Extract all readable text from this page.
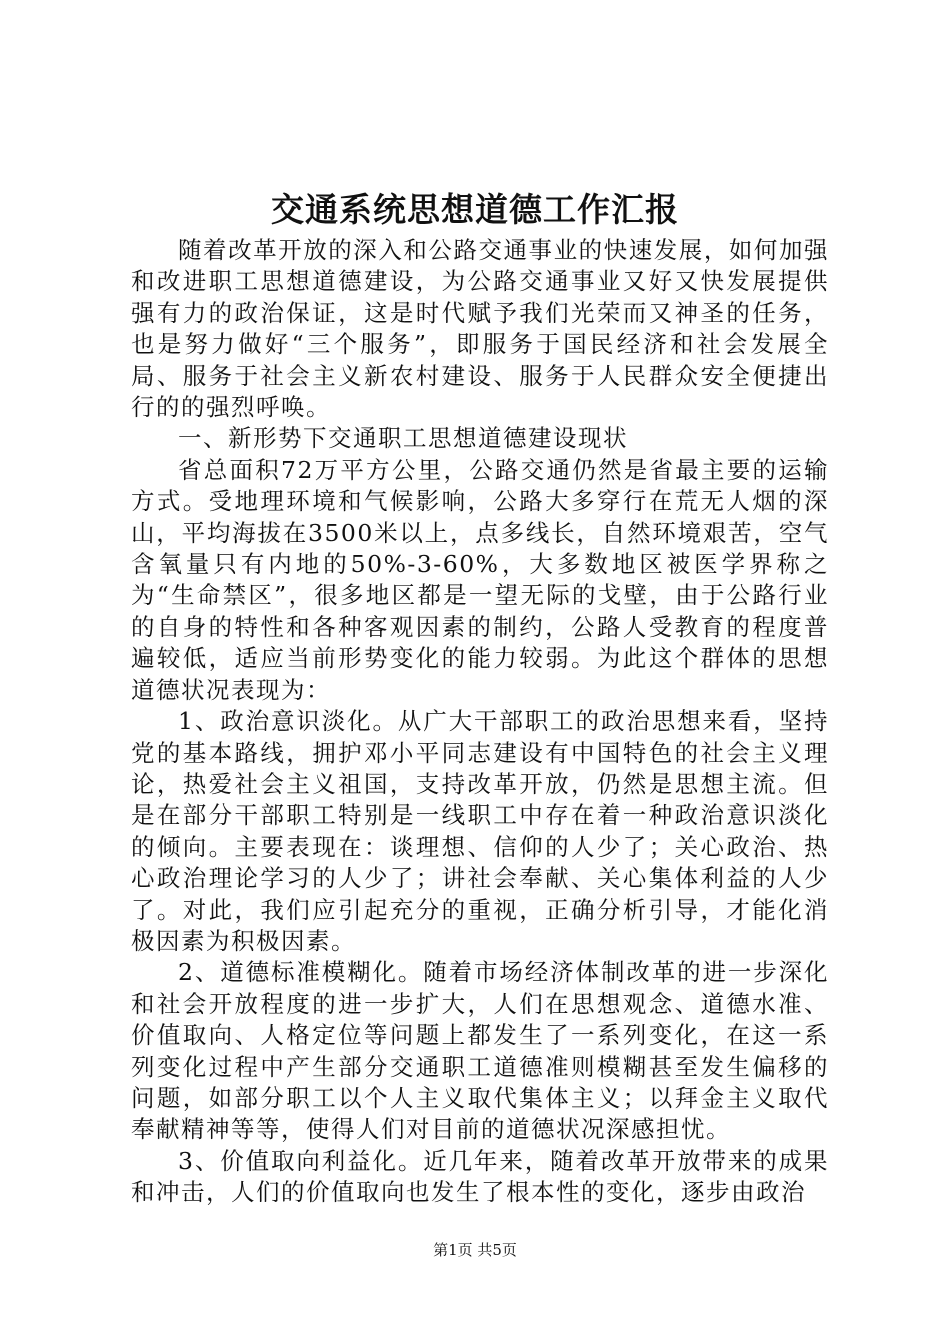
交通系统思想道德工作汇报

随着改革开放的深入和公路交通事业的快速发展，如何加强和改进职工思想道德建设，为公路交通事业又好又快发展提供强有力的政治保证，这是时代赋予我们光荣而又神圣的任务，也是努力做好“三个服务”，即服务于国民经济和社会发展全局、服务于社会主义新农村建设、服务于人民群众安全便捷出行的的强烈呼唤。

一、新形势下交通职工思想道德建设现状

省总面积72万平方公里，公路交通仍然是省最主要的运输方式。受地理环境和气候影响，公路大多穿行在荒无人烟的深山，平均海拔在3500米以上，点多线长，自然环境艰苦，空气含氧量只有内地的50%-3-60%，大多数地区被医学界称之为“生命禁区”，很多地区都是一望无际的戈壁，由于公路行业的自身的特性和各种客观因素的制约，公路人受教育的程度普遍较低，适应当前形势变化的能力较弱。为此这个群体的思想道德状况表现为：

1、政治意识淡化。从广大干部职工的政治思想来看，坚持党的基本路线，拥护邓小平同志建设有中国特色的社会主义理论，热爱社会主义祖国，支持改革开放，仍然是思想主流。但是在部分干部职工特别是一线职工中存在着一种政治意识淡化的倾向。主要表现在：谈理想、信仰的人少了；关心政治、热心政治理论学习的人少了；讲社会奉献、关心集体利益的人少了。对此，我们应引起充分的重视，正确分析引导，才能化消极因素为积极因素。

2、道德标准模糊化。随着市场经济体制改革的进一步深化和社会开放程度的进一步扩大，人们在思想观念、道德水准、价值取向、人格定位等问题上都发生了一系列变化，在这一系列变化过程中产生部分交通职工道德准则模糊甚至发生偏移的问题，如部分职工以个人主义取代集体主义；以拜金主义取代奉献精神等等，使得人们对目前的道德状况深感担忧。

3、价值取向利益化。近几年来，随着改革开放带来的成果和冲击，人们的价值取向也发生了根本性的变化，逐步由政治

第1页 共5页
